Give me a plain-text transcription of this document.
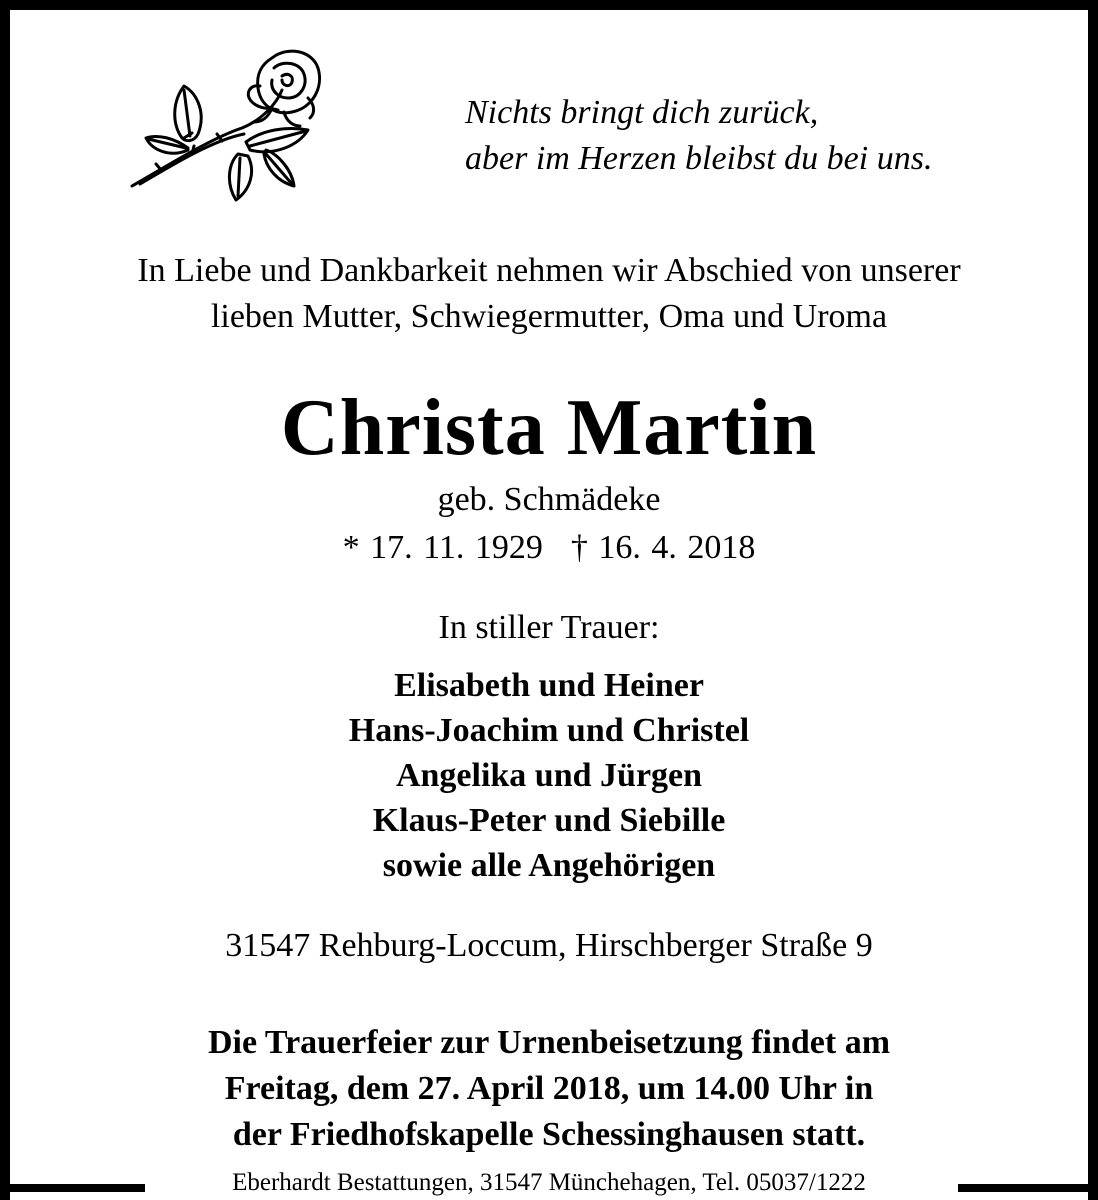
Nichts bringt dich zurück,
aber im Herzen bleibst du bei uns.
In Liebe und Dankbarkeit nehmen wir Abschied von unserer
lieben Mutter, Schwiegermutter, Oma und Uroma
Christa Martin
geb. Schmädeke
* 17. 11. 1929 † 16. 4. 2018
In stiller Trauer:
Elisabeth und Heiner
Hans-Joachim und Christel
Angelika und Jürgen
Klaus-Peter und Siebille
sowie alle Angehörigen
31547 Rehburg-Loccum, Hirschberger Straße 9
Die Trauerfeier zur Urnenbeisetzung findet am
Freitag, dem 27. April 2018, um 14.00 Uhr in
der Friedhofskapelle Schessinghausen statt.
Eberhardt Bestattungen, 31547 Münchehagen, Tel. 05037/1222
